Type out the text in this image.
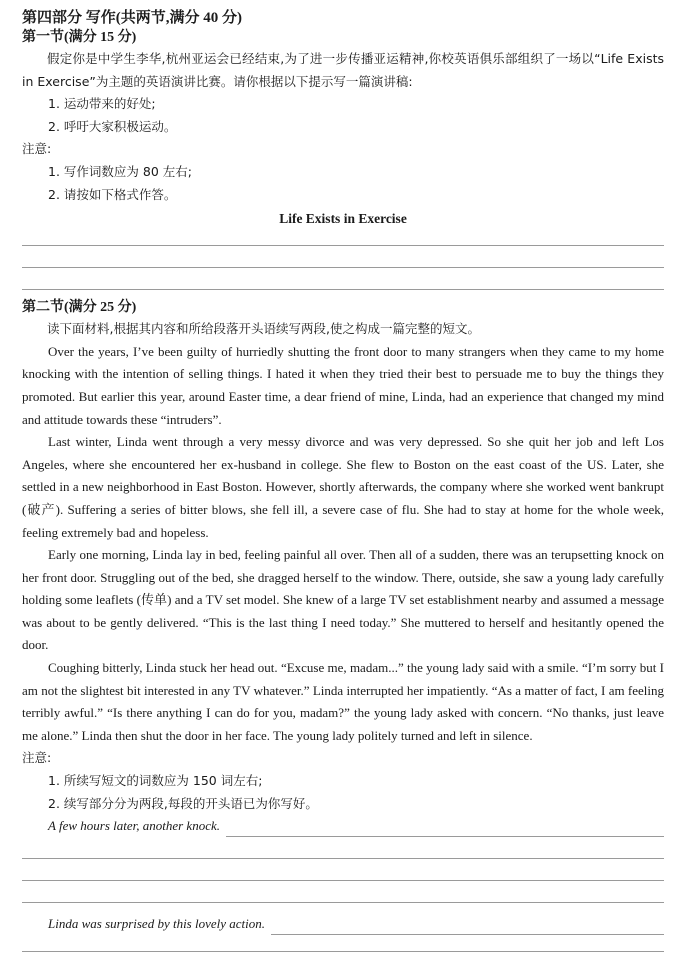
第四部分 写作(共两节,满分 40 分)

第一节(满分 15 分)

假定你是中学生李华,杭州亚运会已经结束,为了进一步传播亚运精神,你校英语俱乐部组织了一场以“Life Exists in Exercise”为主题的英语演讲比赛。请你根据以下提示写一篇演讲稿:

1. 运动带来的好处;

2. 呼吁大家积极运动。

注意:

1. 写作词数应为 80 左右;

2. 请按如下格式作答。

Life Exists in Exercise

第二节(满分 25 分)

读下面材料,根据其内容和所给段落开头语续写两段,使之构成一篇完整的短文。

Over the years, I’ve been guilty of hurriedly shutting the front door to many strangers when they came to my home knocking with the intention of selling things. I hated it when they tried their best to persuade me to buy the things they promoted. But earlier this year, around Easter time, a dear friend of mine, Linda, had an experience that changed my mind and attitude towards these “intruders”.

Last winter, Linda went through a very messy divorce and was very depressed. So she quit her job and left Los Angeles, where she encountered her ex-husband in college. She flew to Boston on the east coast of the US. Later, she settled in a new neighborhood in East Boston. However, shortly afterwards, the company where she worked went bankrupt (破产). Suffering a series of bitter blows, she fell ill, a severe case of flu. She had to stay at home for the whole week, feeling extremely bad and hopeless.

Early one morning, Linda lay in bed, feeling painful all over. Then all of a sudden, there was an terupsetting knock on her front door. Struggling out of the bed, she dragged herself to the window. There, outside, she saw a young lady carefully holding some leaflets (传单) and a TV set model. She knew of a large TV set establishment nearby and assumed a message was about to be gently delivered. “This is the last thing I need today.” She muttered to herself and hesitantly opened the door.

Coughing bitterly, Linda stuck her head out. “Excuse me, madam...” the young lady said with a smile. “I’m sorry but I am not the slightest bit interested in any TV whatever.” Linda interrupted her impatiently. “As a matter of fact, I am feeling terribly awful.” “Is there anything I can do for you, madam?” the young lady asked with concern. “No thanks, just leave me alone.” Linda then shut the door in her face. The young lady politely turned and left in silence.

注意:

1. 所续写短文的词数应为 150 词左右;

2. 续写部分分为两段,每段的开头语已为你写好。

A few hours later, another knock.
Linda was surprised by this lovely action.
